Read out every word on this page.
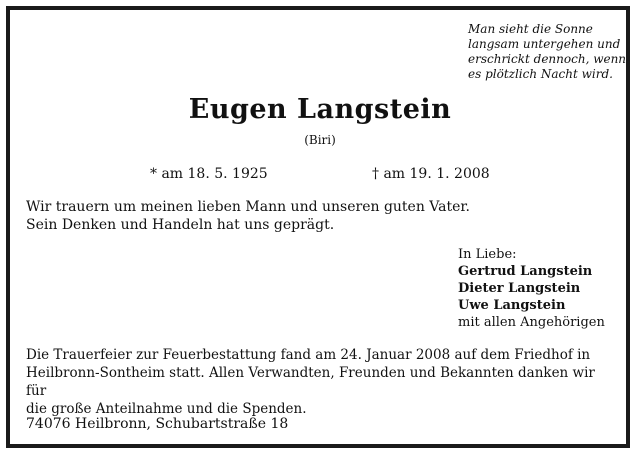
Man sieht die Sonne
langsam untergehen und
erschrickt dennoch, wenn
es plötzlich Nacht wird.
Eugen Langstein
(Biri)
* am 18. 5. 1925	† am 19. 1. 2008
Wir trauern um meinen lieben Mann und unseren guten Vater.
Sein Denken und Handeln hat uns geprägt.
In Liebe:
Gertrud Langstein
Dieter Langstein
Uwe Langstein
mit allen Angehörigen
Die Trauerfeier zur Feuerbestattung fand am 24. Januar 2008 auf dem Friedhof in
Heilbronn-Sontheim statt. Allen Verwandten, Freunden und Bekannten danken wir für
die große Anteilnahme und die Spenden.
74076 Heilbronn, Schubartstraße 18
